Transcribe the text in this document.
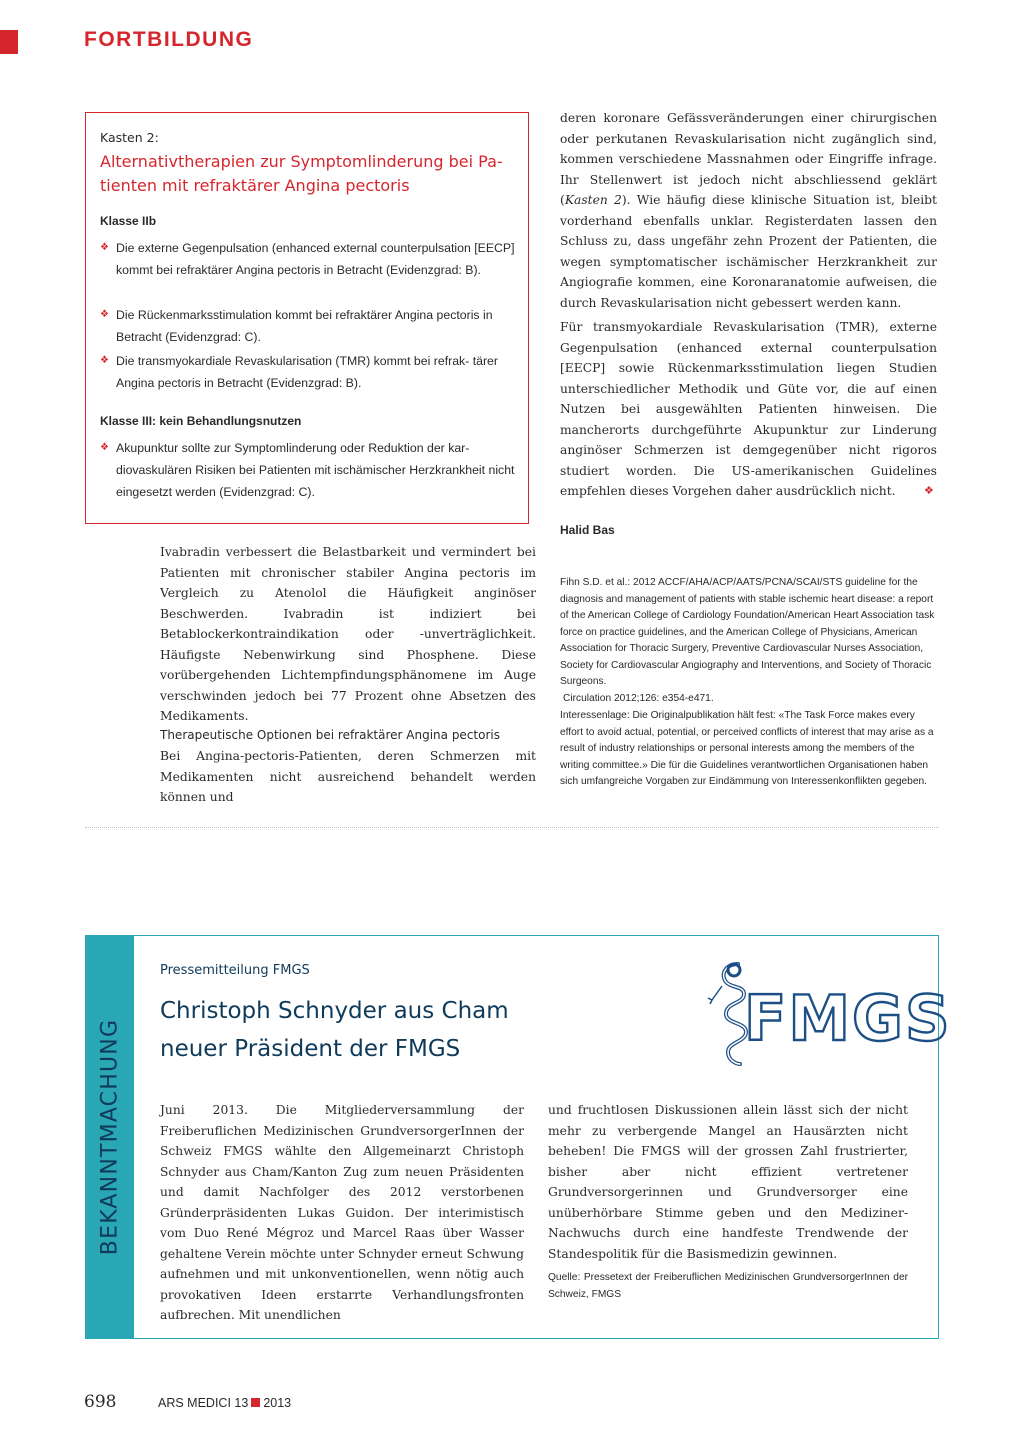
FORTBILDUNG
Kasten 2:
Alternativtherapien zur Symptomlinderung bei Pa-
tienten mit refraktärer Angina pectoris
Klasse IIb
❖ Die externe Gegenpulsation (enhanced external counterpulsation [EECP] kommt bei refraktärer Angina pectoris in Betracht (Evidenzgrad: B).
❖ Die Rückenmarksstimulation kommt bei refraktärer Angina pectoris in Betracht (Evidenzgrad: C).
❖ Die transmyokardiale Revaskularisation (TMR) kommt bei refrak- tärer Angina pectoris in Betracht (Evidenzgrad: B).
Klasse III: kein Behandlungsnutzen
❖ Akupunktur sollte zur Symptomlinderung oder Reduktion der kar- diovaskulären Risiken bei Patienten mit ischämischer Herzkrankheit nicht eingesetzt werden (Evidenzgrad: C).
Ivabradin verbessert die Belastbarkeit und vermindert bei Patienten mit chronischer stabiler Angina pectoris im Vergleich zu Atenolol die Häufigkeit anginöser Beschwerden. Ivabradin ist indiziert bei Betablockerkontraindikation oder -unverträglichkeit. Häufigste Nebenwirkung sind Phosphene. Diese vorübergehenden Lichtempfindungsphänomene im Auge verschwinden jedoch bei 77 Prozent ohne Absetzen des Medikaments.
Therapeutische Optionen bei refraktärer Angina pectoris
Bei Angina-pectoris-Patienten, deren Schmerzen mit Medikamenten nicht ausreichend behandelt werden können und
deren koronare Gefässveränderungen einer chirurgischen oder perkutanen Revaskularisation nicht zugänglich sind, kommen verschiedene Massnahmen oder Eingriffe infrage. Ihr Stellenwert ist jedoch nicht abschliessend geklärt (Kasten 2). Wie häufig diese klinische Situation ist, bleibt vorderhand ebenfalls unklar. Registerdaten lassen den Schluss zu, dass ungefähr zehn Prozent der Patienten, die wegen symptomatischer ischämischer Herzkrankheit zur Angiografie kommen, eine Koronaranatomie aufweisen, die durch Revaskularisation nicht gebessert werden kann.
Für transmyokardiale Revaskularisation (TMR), externe Gegenpulsation (enhanced external counterpulsation [EECP] sowie Rückenmarksstimulation liegen Studien unterschiedlicher Methodik und Güte vor, die auf einen Nutzen bei ausgewählten Patienten hinweisen. Die mancherorts durchgeführte Akupunktur zur Linderung anginöser Schmerzen ist demgegenüber nicht rigoros studiert worden. Die US-amerikanischen Guidelines empfehlen dieses Vorgehen daher ausdrücklich nicht.	❖
Halid Bas
Fihn S.D. et al.: 2012 ACCF/AHA/ACP/AATS/PCNA/SCAI/STS guideline for the diagnosis and management of patients with stable ischemic heart disease: a report of the American College of Cardiology Foundation/American Heart Association task force on practice guidelines, and the American College of Physicians, American Association for Thoracic Surgery, Preventive Cardiovascular Nurses Association, Society for Cardiovascular Angiography and Interventions, and Society of Thoracic Surgeons.
Circulation 2012;126: e354-e471.
Interessenlage: Die Originalpublikation hält fest: «The Task Force makes every effort to avoid actual, potential, or perceived conflicts of interest that may arise as a result of industry relationships or personal interests among the members of the writing committee.» Die für die Guidelines verantwortlichen Organisationen haben sich umfangreiche Vorgaben zur Eindämmung von Interessenkonflikten gegeben.
BEKANNTMACHUNG
Pressemitteilung FMGS
Christoph Schnyder aus Cham
neuer Präsident der FMGS	FMGS
Juni 2013. Die Mitgliederversammlung der Freiberuflichen Medizinischen GrundversorgerInnen der Schweiz FMGS wählte den Allgemeinarzt Christoph Schnyder aus Cham/Kanton Zug zum neuen Präsidenten und damit Nachfolger des 2012 verstorbenen Gründerpräsidenten Lukas Guidon. Der interimistisch vom Duo René Mégroz und Marcel Raas über Wasser gehaltene Verein möchte unter Schnyder erneut Schwung aufnehmen und mit unkonventionellen, wenn nötig auch provokativen Ideen erstarrte Verhandlungsfronten aufbrechen. Mit unendlichen
und fruchtlosen Diskussionen allein lässt sich der nicht mehr zu verbergende Mangel an Hausärzten nicht beheben! Die FMGS will der grossen Zahl frustrierter, bisher aber nicht effizient vertretener Grundversorgerinnen und Grundversorger eine unüberhörbare Stimme geben und den Mediziner-Nachwuchs durch eine handfeste Trendwende der Standespolitik für die Basismedizin gewinnen.
Quelle: Pressetext der Freiberuflichen Medizinischen GrundversorgerInnen der Schweiz, FMGS
698	ARS MEDICI 13 2013
